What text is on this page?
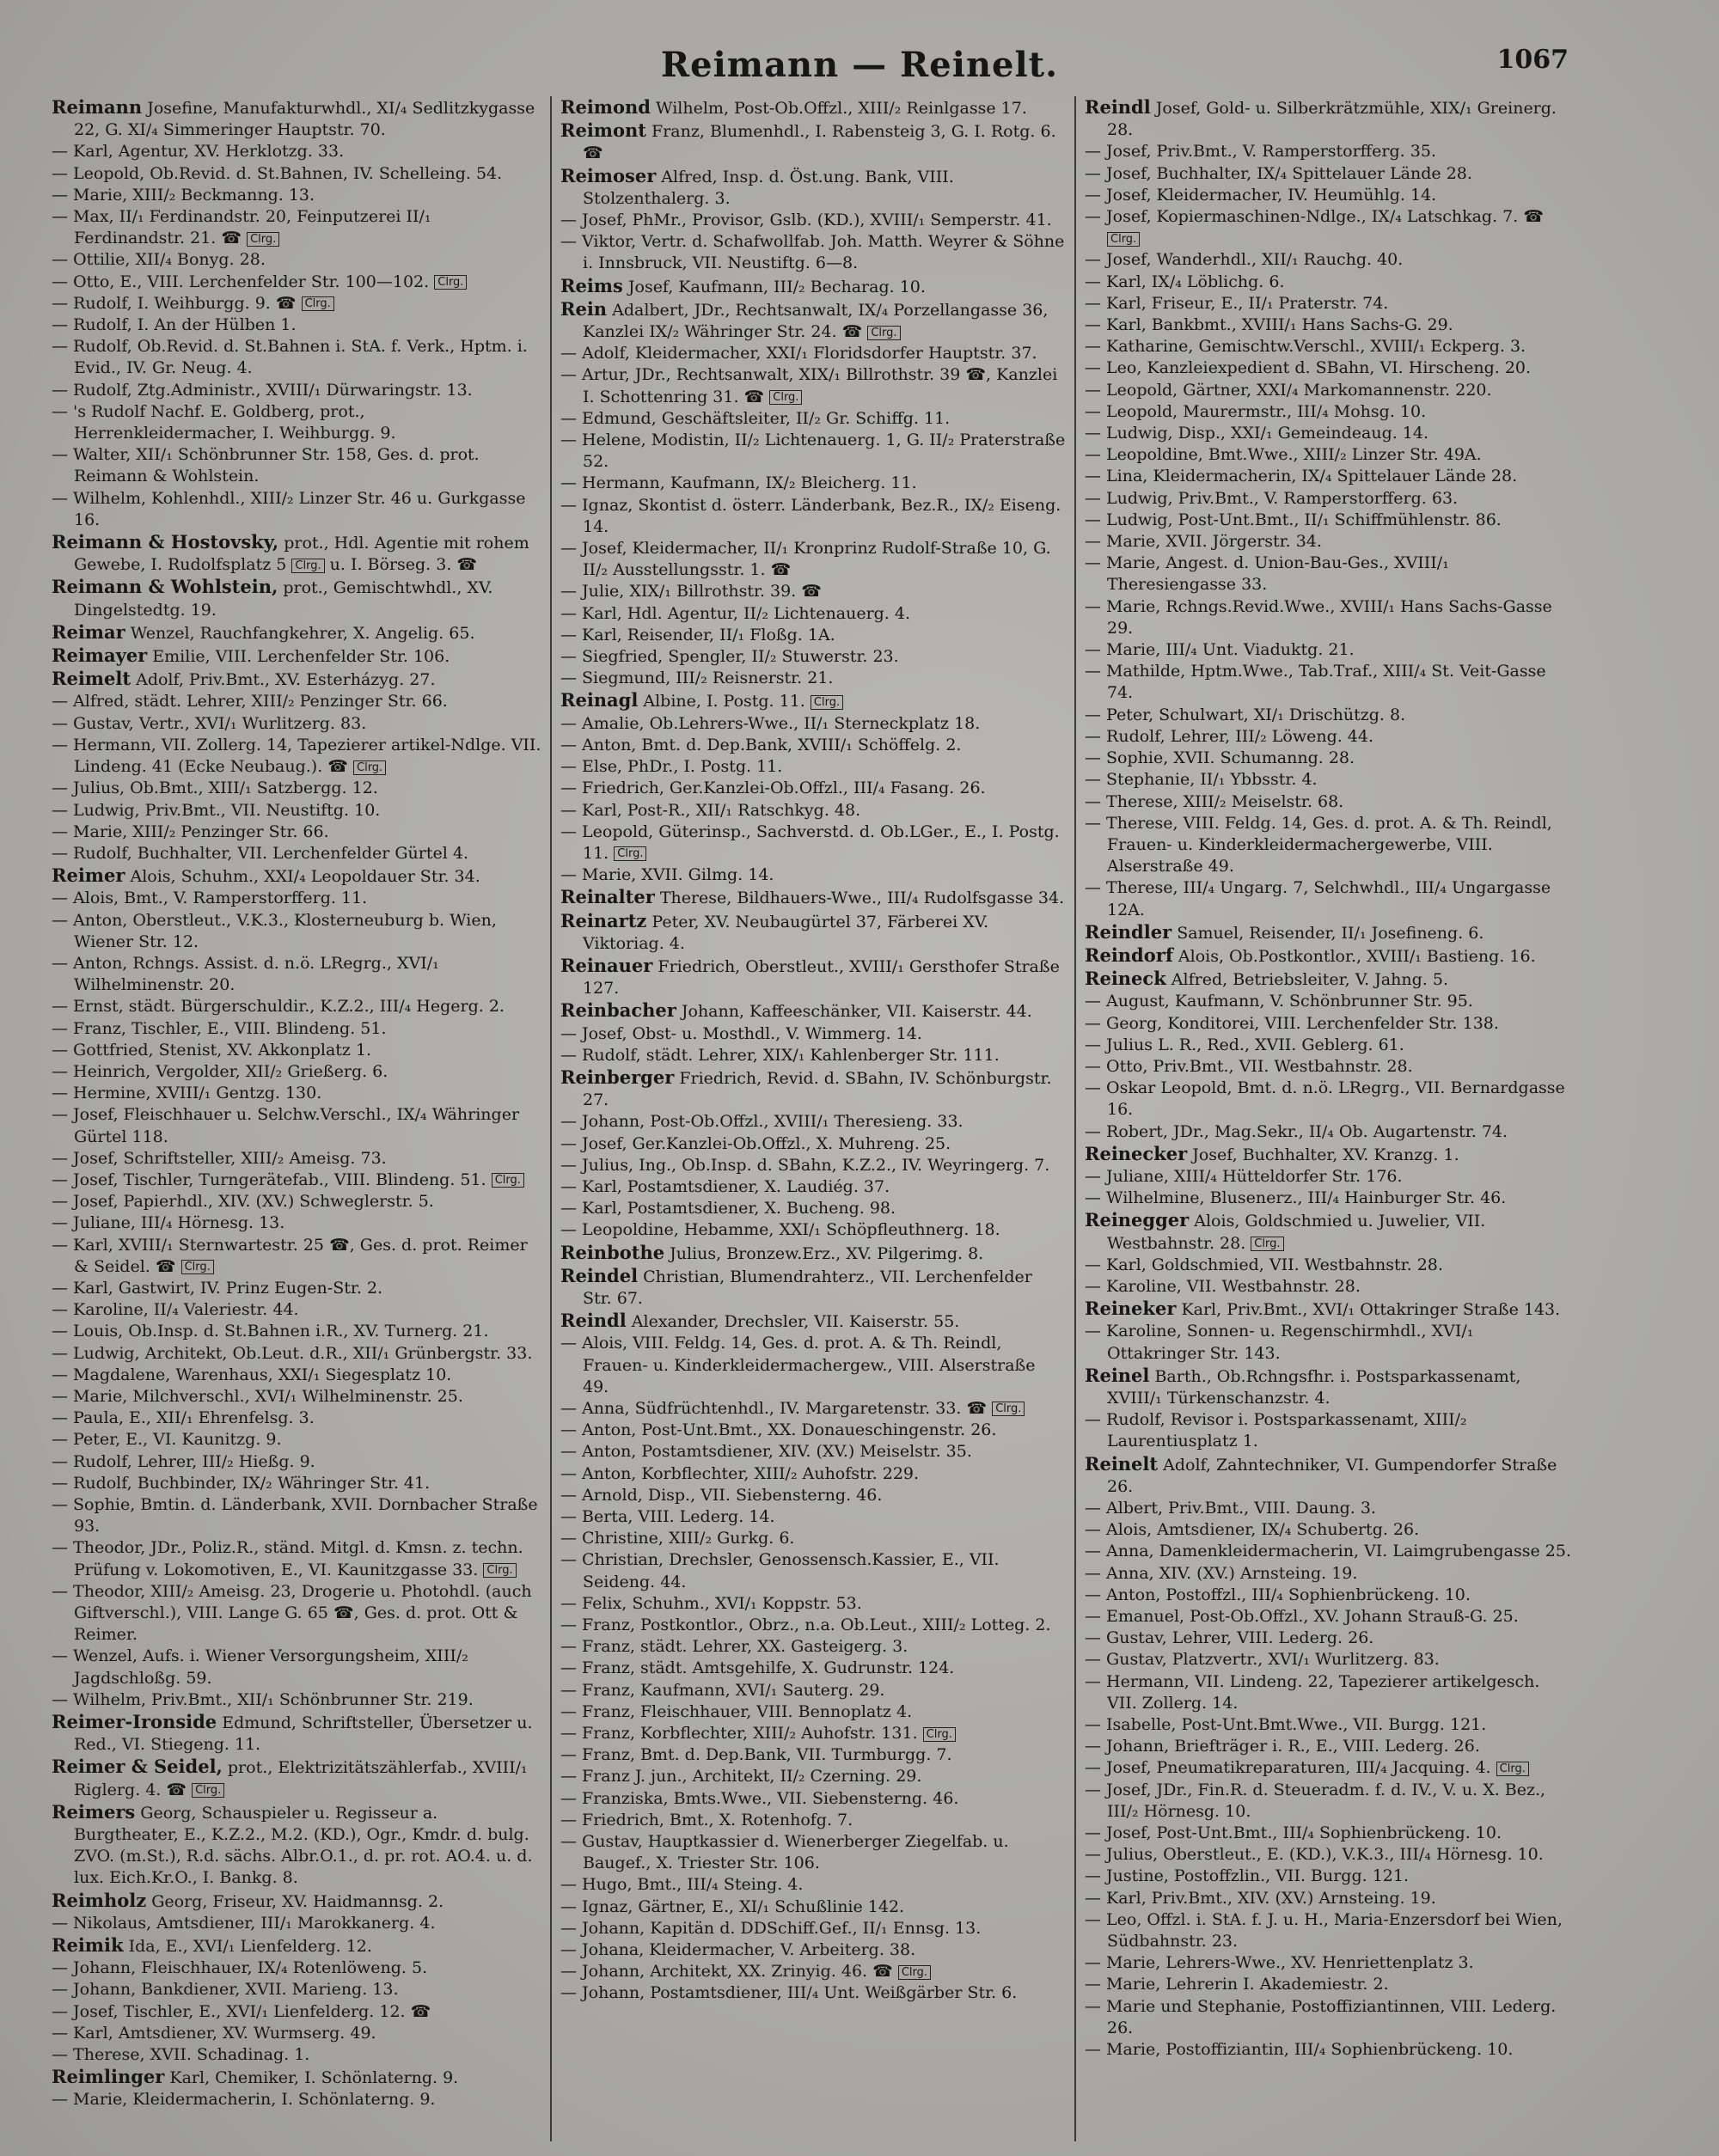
Reimann — Reinelt.	1067
Reimann Josefine, Manufakturwhdl., XI/₄ Sedlitzkygasse 22, G. XI/₄ Simmeringer Hauptstr. 70.
— Karl, Agentur, XV. Herklotzg. 33.
— Leopold, Ob.Revid. d. St.Bahnen, IV. Schelleing. 54.
— Marie, XIII/₂ Beckmanng. 13.
— Max, II/₁ Ferdinandstr. 20, Feinputzerei II/₁ Ferdinandstr. 21. ☎ Clrg.
— Ottilie, XII/₄ Bonyg. 28.
— Otto, E., VIII. Lerchenfelder Str. 100—102. Clrg.
— Rudolf, I. Weihburgg. 9. ☎ Clrg.
— Rudolf, I. An der Hülben 1.
— Rudolf, Ob.Revid. d. St.Bahnen i. StA. f. Verk., Hptm. i. Evid., IV. Gr. Neug. 4.
— Rudolf, Ztg.Administr., XVIII/₁ Dürwaringstr. 13.
— 's Rudolf Nachf. E. Goldberg, prot., Herrenkleidermacher, I. Weihburgg. 9.
— Walter, XII/₁ Schönbrunner Str. 158, Ges. d. prot. Reimann & Wohlstein.
— Wilhelm, Kohlenhdl., XIII/₂ Linzer Str. 46 u. Gurkgasse 16.
Reimann & Hostovsky, prot., Hdl. Agentie mit rohem Gewebe, I. Rudolfsplatz 5 Clrg. u. I. Börseg. 3. ☎
Reimann & Wohlstein, prot., Gemischtwhdl., XV. Dingelstedtg. 19.
Reimar Wenzel, Rauchfangkehrer, X. Angelig. 65.
Reimayer Emilie, VIII. Lerchenfelder Str. 106.
Reimelt Adolf, Priv.Bmt., XV. Esterházyg. 27.
— Alfred, städt. Lehrer, XIII/₂ Penzinger Str. 66.
— Gustav, Vertr., XVI/₁ Wurlitzerg. 83.
— Hermann, VII. Zollerg. 14, Tapezierer artikel-Ndlge. VII. Lindeng. 41 (Ecke Neubaug.). ☎ Clrg.
— Julius, Ob.Bmt., XIII/₁ Satzbergg. 12.
— Ludwig, Priv.Bmt., VII. Neustiftg. 10.
— Marie, XIII/₂ Penzinger Str. 66.
— Rudolf, Buchhalter, VII. Lerchenfelder Gürtel 4.
Reimer Alois, Schuhm., XXI/₄ Leopoldauer Str. 34.
— Alois, Bmt., V. Ramperstorfferg. 11.
— Anton, Oberstleut., V.K.3., Klosterneuburg b. Wien, Wiener Str. 12.
— Anton, Rchngs. Assist. d. n.ö. LRegrg., XVI/₁ Wilhelminenstr. 20.
— Ernst, städt. Bürgerschuldir., K.Z.2., III/₄ Hegerg. 2.
— Franz, Tischler, E., VIII. Blindeng. 51.
— Gottfried, Stenist, XV. Akkonplatz 1.
— Heinrich, Vergolder, XII/₂ Grießerg. 6.
— Hermine, XVIII/₁ Gentzg. 130.
— Josef, Fleischhauer u. Selchw.Verschl., IX/₄ Währinger Gürtel 118.
— Josef, Schriftsteller, XIII/₂ Ameisg. 73.
— Josef, Tischler, Turngerätefab., VIII. Blindeng. 51. Clrg.
— Josef, Papierhdl., XIV. (XV.) Schweglerstr. 5.
— Juliane, III/₄ Hörnesg. 13.
— Karl, XVIII/₁ Sternwartestr. 25 ☎, Ges. d. prot. Reimer & Seidel. ☎ Clrg.
— Karl, Gastwirt, IV. Prinz Eugen-Str. 2.
— Karoline, II/₄ Valeriestr. 44.
— Louis, Ob.Insp. d. St.Bahnen i.R., XV. Turnerg. 21.
— Ludwig, Architekt, Ob.Leut. d.R., XII/₁ Grünbergstr. 33.
— Magdalene, Warenhaus, XXI/₁ Siegesplatz 10.
— Marie, Milchverschl., XVI/₁ Wilhelminenstr. 25.
— Paula, E., XII/₁ Ehrenfelsg. 3.
— Peter, E., VI. Kaunitzg. 9.
— Rudolf, Lehrer, III/₂ Hießg. 9.
— Rudolf, Buchbinder, IX/₂ Währinger Str. 41.
— Sophie, Bmtin. d. Länderbank, XVII. Dornbacher Straße 93.
— Theodor, JDr., Poliz.R., ständ. Mitgl. d. Kmsn. z. techn. Prüfung v. Lokomotiven, E., VI. Kaunitzgasse 33. Clrg.
— Theodor, XIII/₂ Ameisg. 23, Drogerie u. Photohdl. (auch Giftverschl.), VIII. Lange G. 65 ☎, Ges. d. prot. Ott & Reimer.
— Wenzel, Aufs. i. Wiener Versorgungsheim, XIII/₂ Jagdschloßg. 59.
— Wilhelm, Priv.Bmt., XII/₁ Schönbrunner Str. 219.
Reimer-Ironside Edmund, Schriftsteller, Übersetzer u. Red., VI. Stiegeng. 11.
Reimer & Seidel, prot., Elektrizitätszählerfab., XVIII/₁ Riglerg. 4. ☎ Clrg.
Reimers Georg, Schauspieler u. Regisseur a. Burgtheater, E., K.Z.2., M.2. (KD.), Ogr., Kmdr. d. bulg. ZVO. (m.St.), R.d. sächs. Albr.O.1., d. pr. rot. AO.4. u. d. lux. Eich.Kr.O., I. Bankg. 8.
Reimholz Georg, Friseur, XV. Haidmannsg. 2.
— Nikolaus, Amtsdiener, III/₁ Marokkanerg. 4.
Reimik Ida, E., XVI/₁ Lienfelderg. 12.
— Johann, Fleischhauer, IX/₄ Rotenlöweng. 5.
— Johann, Bankdiener, XVII. Marieng. 13.
— Josef, Tischler, E., XVI/₁ Lienfelderg. 12. ☎
— Karl, Amtsdiener, XV. Wurmserg. 49.
— Therese, XVII. Schadinag. 1.
Reimlinger Karl, Chemiker, I. Schönlaterng. 9.
— Marie, Kleidermacherin, I. Schönlaterng. 9.
Reimond Wilhelm, Post-Ob.Offzl., XIII/₂ Reinlgasse 17.
Reimont Franz, Blumenhdl., I. Rabensteig 3, G. I. Rotg. 6. ☎
Reimoser Alfred, Insp. d. Öst.ung. Bank, VIII. Stolzenthalerg. 3.
— Josef, PhMr., Provisor, Gslb. (KD.), XVIII/₁ Semperstr. 41.
— Viktor, Vertr. d. Schafwollfab. Joh. Matth. Weyrer & Söhne i. Innsbruck, VII. Neustiftg. 6—8.
Reims Josef, Kaufmann, III/₂ Becharag. 10.
Rein Adalbert, JDr., Rechtsanwalt, IX/₄ Porzellangasse 36, Kanzlei IX/₂ Währinger Str. 24. ☎ Clrg.
— Adolf, Kleidermacher, XXI/₁ Floridsdorfer Hauptstr. 37.
— Artur, JDr., Rechtsanwalt, XIX/₁ Billrothstr. 39 ☎, Kanzlei I. Schottenring 31. ☎ Clrg.
— Edmund, Geschäftsleiter, II/₂ Gr. Schiffg. 11.
— Helene, Modistin, II/₂ Lichtenauerg. 1, G. II/₂ Praterstraße 52.
— Hermann, Kaufmann, IX/₂ Bleicherg. 11.
— Ignaz, Skontist d. österr. Länderbank, Bez.R., IX/₂ Eiseng. 14.
— Josef, Kleidermacher, II/₁ Kronprinz Rudolf-Straße 10, G. II/₂ Ausstellungsstr. 1. ☎
— Julie, XIX/₁ Billrothstr. 39. ☎
— Karl, Hdl. Agentur, II/₂ Lichtenauerg. 4.
— Karl, Reisender, II/₁ Floßg. 1A.
— Siegfried, Spengler, II/₂ Stuwerstr. 23.
— Siegmund, III/₂ Reisnerstr. 21.
Reinagl Albine, I. Postg. 11. Clrg.
— Amalie, Ob.Lehrers-Wwe., II/₁ Sterneckplatz 18.
— Anton, Bmt. d. Dep.Bank, XVIII/₁ Schöffelg. 2.
— Else, PhDr., I. Postg. 11.
— Friedrich, Ger.Kanzlei-Ob.Offzl., III/₄ Fasang. 26.
— Karl, Post-R., XII/₁ Ratschkyg. 48.
— Leopold, Güterinsp., Sachverstd. d. Ob.LGer., E., I. Postg. 11. Clrg.
— Marie, XVII. Gilmg. 14.
Reinalter Therese, Bildhauers-Wwe., III/₄ Rudolfsgasse 34.
Reinartz Peter, XV. Neubaugürtel 37, Färberei XV. Viktoriag. 4.
Reinauer Friedrich, Oberstleut., XVIII/₁ Gersthofer Straße 127.
Reinbacher Johann, Kaffeeschänker, VII. Kaiserstr. 44.
— Josef, Obst- u. Mosthdl., V. Wimmerg. 14.
— Rudolf, städt. Lehrer, XIX/₁ Kahlenberger Str. 111.
Reinberger Friedrich, Revid. d. SBahn, IV. Schönburgstr. 27.
— Johann, Post-Ob.Offzl., XVIII/₁ Theresieng. 33.
— Josef, Ger.Kanzlei-Ob.Offzl., X. Muhreng. 25.
— Julius, Ing., Ob.Insp. d. SBahn, K.Z.2., IV. Weyringerg. 7.
— Karl, Postamtsdiener, X. Laudiég. 37.
— Karl, Postamtsdiener, X. Bucheng. 98.
— Leopoldine, Hebamme, XXI/₁ Schöpfleuthnerg. 18.
Reinbothe Julius, Bronzew.Erz., XV. Pilgerimg. 8.
Reindel Christian, Blumendrahterz., VII. Lerchenfelder Str. 67.
Reindl Alexander, Drechsler, VII. Kaiserstr. 55.
— Alois, VIII. Feldg. 14, Ges. d. prot. A. & Th. Reindl, Frauen- u. Kinderkleidermachergew., VIII. Alserstraße 49.
— Anna, Südfrüchtenhdl., IV. Margaretenstr. 33. ☎ Clrg.
— Anton, Post-Unt.Bmt., XX. Donaueschingenstr. 26.
— Anton, Postamtsdiener, XIV. (XV.) Meiselstr. 35.
— Anton, Korbflechter, XIII/₂ Auhofstr. 229.
— Arnold, Disp., VII. Siebensterng. 46.
— Berta, VIII. Lederg. 14.
— Christine, XIII/₂ Gurkg. 6.
— Christian, Drechsler, Genossensch.Kassier, E., VII. Seideng. 44.
— Felix, Schuhm., XVI/₁ Koppstr. 53.
— Franz, Postkontlor., Obrz., n.a. Ob.Leut., XIII/₂ Lotteg. 2.
— Franz, städt. Lehrer, XX. Gasteigerg. 3.
— Franz, städt. Amtsgehilfe, X. Gudrunstr. 124.
— Franz, Kaufmann, XVI/₁ Sauterg. 29.
— Franz, Fleischhauer, VIII. Bennoplatz 4.
— Franz, Korbflechter, XIII/₂ Auhofstr. 131. Clrg.
— Franz, Bmt. d. Dep.Bank, VII. Turmburgg. 7.
— Franz J. jun., Architekt, II/₂ Czerning. 29.
— Franziska, Bmts.Wwe., VII. Siebensterng. 46.
— Friedrich, Bmt., X. Rotenhofg. 7.
— Gustav, Hauptkassier d. Wienerberger Ziegelfab. u. Baugef., X. Triester Str. 106.
— Hugo, Bmt., III/₄ Steing. 4.
— Ignaz, Gärtner, E., XI/₁ Schußlinie 142.
— Johann, Kapitän d. DDSchiff.Gef., II/₁ Ennsg. 13.
— Johana, Kleidermacher, V. Arbeiterg. 38.
— Johann, Architekt, XX. Zrinyig. 46. ☎ Clrg.
— Johann, Postamtsdiener, III/₄ Unt. Weißgärber Str. 6.
Reindl Josef, Gold- u. Silberkrätzmühle, XIX/₁ Greinerg. 28.
— Josef, Priv.Bmt., V. Ramperstorfferg. 35.
— Josef, Buchhalter, IX/₄ Spittelauer Lände 28.
— Josef, Kleidermacher, IV. Heumühlg. 14.
— Josef, Kopiermaschinen-Ndlge., IX/₄ Latschkag. 7. ☎ Clrg.
— Josef, Wanderhdl., XII/₁ Rauchg. 40.
— Karl, IX/₄ Löblichg. 6.
— Karl, Friseur, E., II/₁ Praterstr. 74.
— Karl, Bankbmt., XVIII/₁ Hans Sachs-G. 29.
— Katharine, Gemischtw.Verschl., XVIII/₁ Eckperg. 3.
— Leo, Kanzleiexpedient d. SBahn, VI. Hirscheng. 20.
— Leopold, Gärtner, XXI/₄ Markomannenstr. 220.
— Leopold, Maurermstr., III/₄ Mohsg. 10.
— Ludwig, Disp., XXI/₁ Gemeindeaug. 14.
— Leopoldine, Bmt.Wwe., XIII/₂ Linzer Str. 49A.
— Lina, Kleidermacherin, IX/₄ Spittelauer Lände 28.
— Ludwig, Priv.Bmt., V. Ramperstorfferg. 63.
— Ludwig, Post-Unt.Bmt., II/₁ Schiffmühlenstr. 86.
— Marie, XVII. Jörgerstr. 34.
— Marie, Angest. d. Union-Bau-Ges., XVIII/₁ Theresiengasse 33.
— Marie, Rchngs.Revid.Wwe., XVIII/₁ Hans Sachs-Gasse 29.
— Marie, III/₄ Unt. Viaduktg. 21.
— Mathilde, Hptm.Wwe., Tab.Traf., XIII/₄ St. Veit-Gasse 74.
— Peter, Schulwart, XI/₁ Drischützg. 8.
— Rudolf, Lehrer, III/₂ Löweng. 44.
— Sophie, XVII. Schumanng. 28.
— Stephanie, II/₁ Ybbsstr. 4.
— Therese, XIII/₂ Meiselstr. 68.
— Therese, VIII. Feldg. 14, Ges. d. prot. A. & Th. Reindl, Frauen- u. Kinderkleidermachergewerbe, VIII. Alserstraße 49.
— Therese, III/₄ Ungarg. 7, Selchwhdl., III/₄ Ungargasse 12A.
Reindler Samuel, Reisender, II/₁ Josefineng. 6.
Reindorf Alois, Ob.Postkontlor., XVIII/₁ Bastieng. 16.
Reineck Alfred, Betriebsleiter, V. Jahng. 5.
— August, Kaufmann, V. Schönbrunner Str. 95.
— Georg, Konditorei, VIII. Lerchenfelder Str. 138.
— Julius L. R., Red., XVII. Geblerg. 61.
— Otto, Priv.Bmt., VII. Westbahnstr. 28.
— Oskar Leopold, Bmt. d. n.ö. LRegrg., VII. Bernardgasse 16.
— Robert, JDr., Mag.Sekr., II/₄ Ob. Augartenstr. 74.
Reinecker Josef, Buchhalter, XV. Kranzg. 1.
— Juliane, XIII/₄ Hütteldorfer Str. 176.
— Wilhelmine, Blusenerz., III/₄ Hainburger Str. 46.
Reinegger Alois, Goldschmied u. Juwelier, VII. Westbahnstr. 28. Clrg.
— Karl, Goldschmied, VII. Westbahnstr. 28.
— Karoline, VII. Westbahnstr. 28.
Reineker Karl, Priv.Bmt., XVI/₁ Ottakringer Straße 143.
— Karoline, Sonnen- u. Regenschirmhdl., XVI/₁ Ottakringer Str. 143.
Reinel Barth., Ob.Rchngsfhr. i. Postsparkassenamt, XVIII/₁ Türkenschanzstr. 4.
— Rudolf, Revisor i. Postsparkassenamt, XIII/₂ Laurentiusplatz 1.
Reinelt Adolf, Zahntechniker, VI. Gumpendorfer Straße 26.
— Albert, Priv.Bmt., VIII. Daung. 3.
— Alois, Amtsdiener, IX/₄ Schubertg. 26.
— Anna, Damenkleidermacherin, VI. Laimgrubengasse 25.
— Anna, XIV. (XV.) Arnsteing. 19.
— Anton, Postoffzl., III/₄ Sophienbrückeng. 10.
— Emanuel, Post-Ob.Offzl., XV. Johann Strauß-G. 25.
— Gustav, Lehrer, VIII. Lederg. 26.
— Gustav, Platzvertr., XVI/₁ Wurlitzerg. 83.
— Hermann, VII. Lindeng. 22, Tapezierer artikelgesch. VII. Zollerg. 14.
— Isabelle, Post-Unt.Bmt.Wwe., VII. Burgg. 121.
— Johann, Briefträger i. R., E., VIII. Lederg. 26.
— Josef, Pneumatikreparaturen, III/₄ Jacquing. 4. Clrg.
— Josef, JDr., Fin.R. d. Steueradm. f. d. IV., V. u. X. Bez., III/₂ Hörnesg. 10.
— Josef, Post-Unt.Bmt., III/₄ Sophienbrückeng. 10.
— Julius, Oberstleut., E. (KD.), V.K.3., III/₄ Hörnesg. 10.
— Justine, Postoffzlin., VII. Burgg. 121.
— Karl, Priv.Bmt., XIV. (XV.) Arnsteing. 19.
— Leo, Offzl. i. StA. f. J. u. H., Maria-Enzersdorf bei Wien, Südbahnstr. 23.
— Marie, Lehrers-Wwe., XV. Henriettenplatz 3.
— Marie, Lehrerin I. Akademiestr. 2.
— Marie und Stephanie, Postoffiziantinnen, VIII. Lederg. 26.
— Marie, Postoffiziantin, III/₄ Sophienbrückeng. 10.
